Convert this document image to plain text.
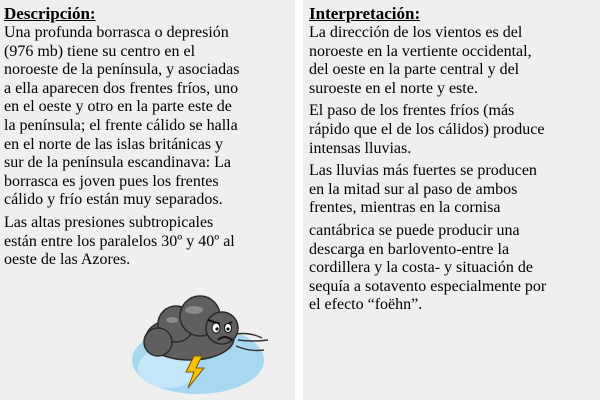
Descripción:

Una profunda borrasca o depresión
(976 mb) tiene su centro en el
noroeste de la península, y asociadas
a ella aparecen dos frentes fríos, uno
en el oeste y otro en la parte este de
la península; el frente cálido se halla
en el norte de las islas británicas y
sur de la península escandinava: La
borrasca es joven pues los frentes
cálido y frío están muy separados.

Las altas presiones subtropicales
están entre los paralelos 30º y 40º al
oeste de las Azores.

Interpretación:

La dirección de los vientos es del
noroeste en la vertiente occidental,
del oeste en la parte central y del
suroeste en el norte y este.

El paso de los frentes fríos (más
rápido que el de los cálidos) produce
intensas lluvias.

Las lluvias más fuertes se producen
en la mitad sur al paso de ambos
frentes, mientras en la cornisa

cantábrica se puede producir una
descarga en barlovento-entre la
cordillera y la costa- y situación de
sequía a sotavento especialmente por
el efecto “foëhn”.
